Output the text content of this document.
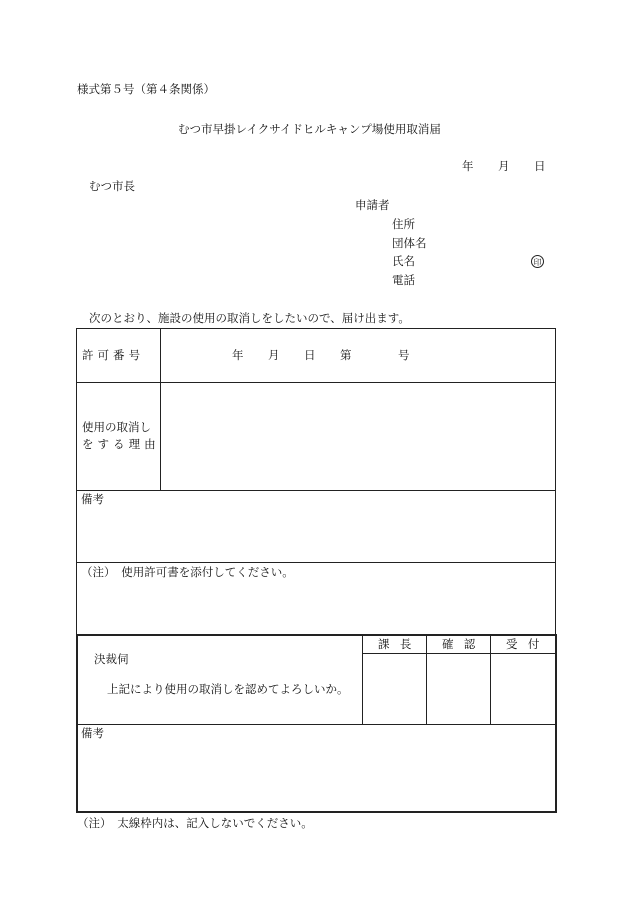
様式第５号（第４条関係）
むつ市早掛レイクサイドヒルキャンプ場使用取消届
年 月 日
むつ市長
申請者
住所
団体名
氏名	印
電話
次のとおり、施設の使用の取消しをしたいので、届け出ます。
許可番号	年 月 日 第	号
使用の取消し
をする理由
備考
（注）　使用許可書を添付してください。
決裁伺
上記により使用の取消しを認めてよろしいか。
課長 確認 受付
備考
（注）　太線枠内は、記入しないでください。
